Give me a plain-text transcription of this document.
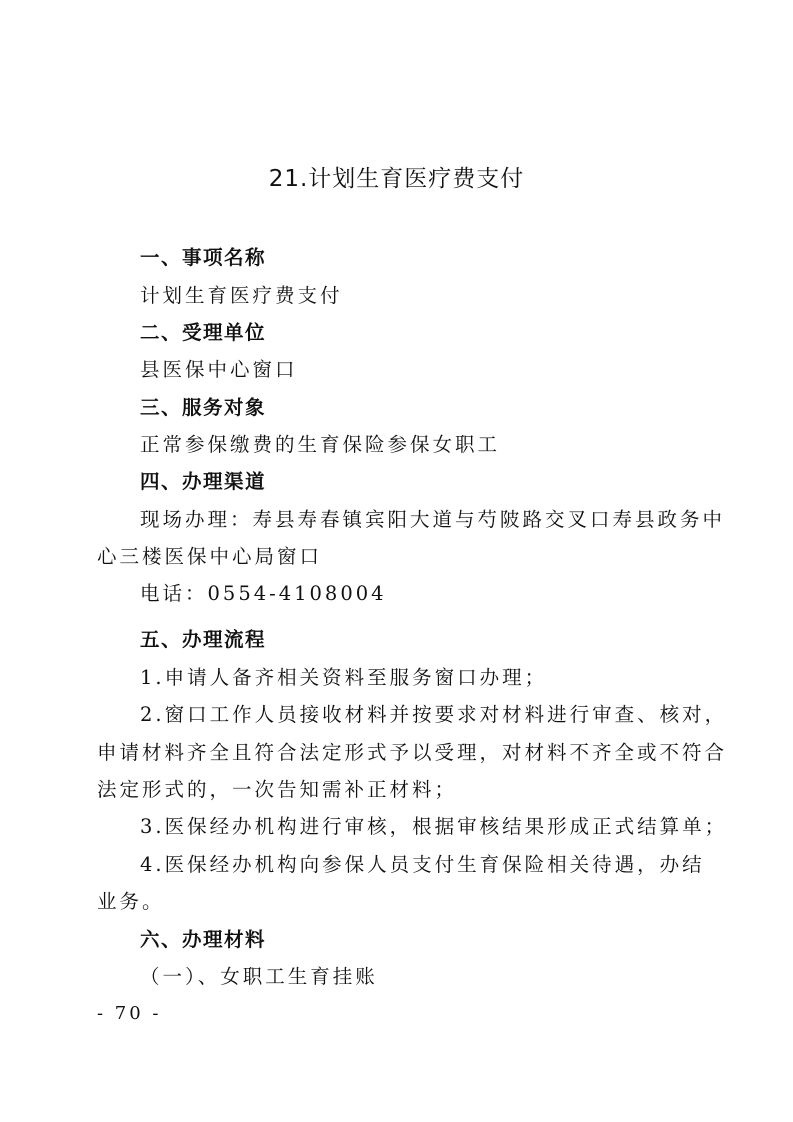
21.计划生育医疗费支付
一、事项名称
计划生育医疗费支付
二、受理单位
县医保中心窗口
三、服务对象
正常参保缴费的生育保险参保女职工
四、办理渠道
现场办理：寿县寿春镇宾阳大道与芍陂路交叉口寿县政务中
心三楼医保中心局窗口
电话：0554-4108004
五、办理流程
1.申请人备齐相关资料至服务窗口办理；
2.窗口工作人员接收材料并按要求对材料进行审查、核对，
申请材料齐全且符合法定形式予以受理，对材料不齐全或不符合
法定形式的，一次告知需补正材料；
3.医保经办机构进行审核，根据审核结果形成正式结算单；
4.医保经办机构向参保人员支付生育保险相关待遇，办结
业务。
六、办理材料
（一）、女职工生育挂账
- 70 -
